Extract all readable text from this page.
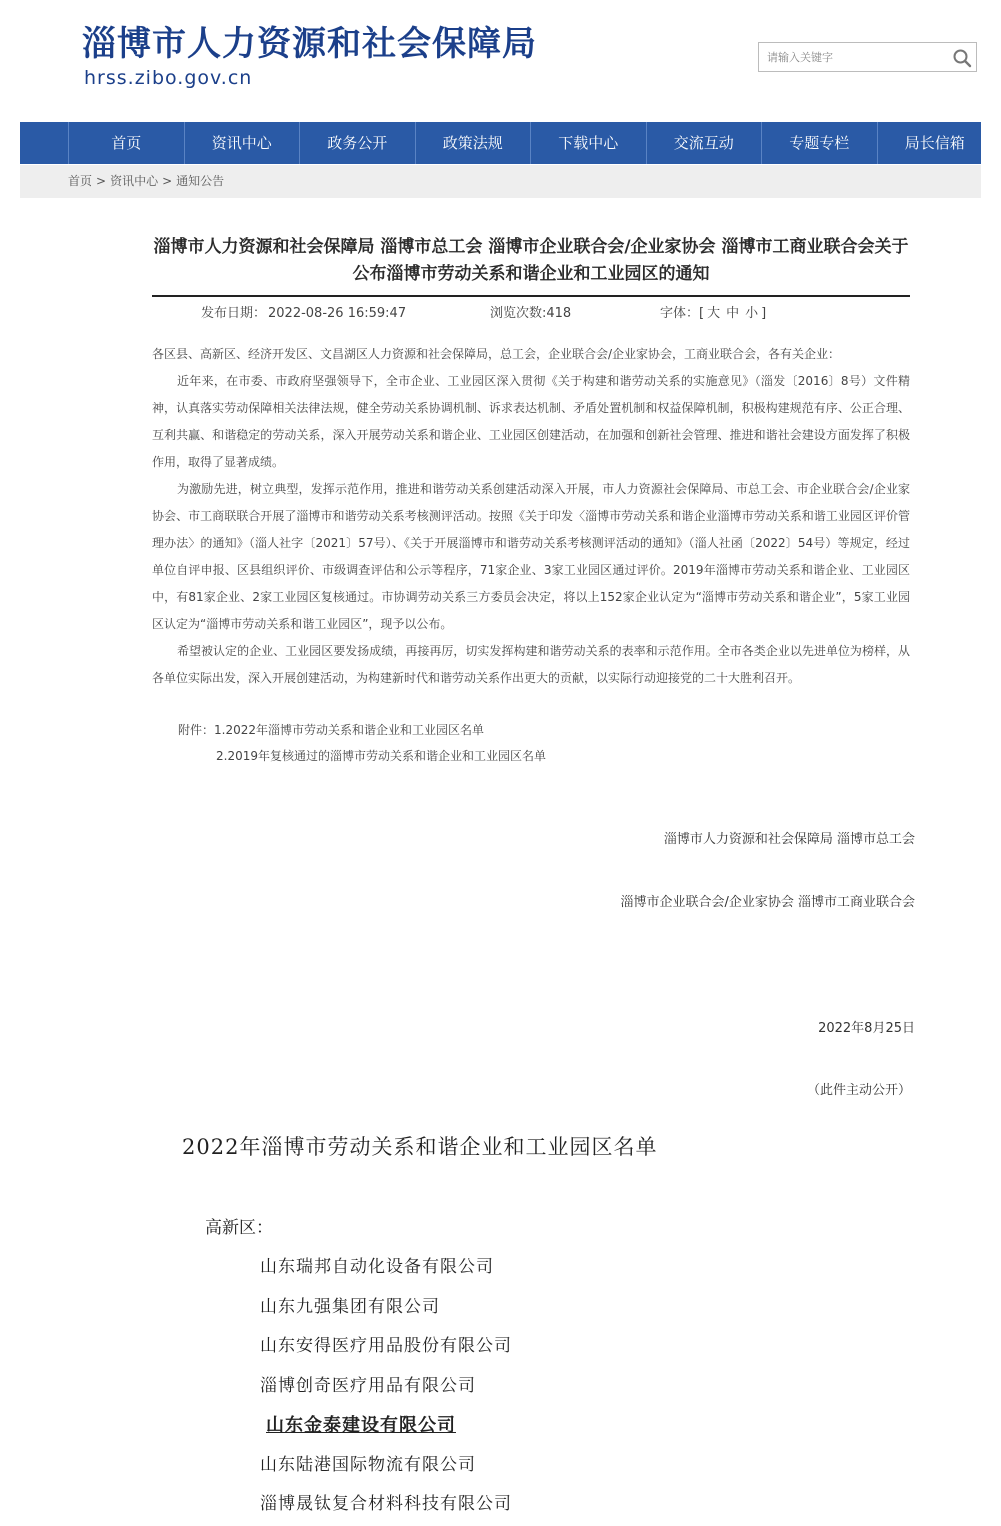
淄博市人力资源和社会保障局
hrss.zibo.gov.cn
请输入关键字
首页	资讯中心	政务公开	政策法规	下载中心	交流互动	专题专栏	局长信箱
首页 > 资讯中心 > 通知公告
淄博市人力资源和社会保障局 淄博市总工会 淄博市企业联合会/企业家协会 淄博市工商业联合会关于公布淄博市劳动关系和谐企业和工业园区的通知
发布日期： 2022-08-26 16:59:47	浏览次数:418	字体：[ 大 中 小 ]

各区县、高新区、经济开发区、文昌湖区人力资源和社会保障局，总工会，企业联合会/企业家协会，工商业联合会，各有关企业：

近年来，在市委、市政府坚强领导下，全市企业、工业园区深入贯彻《关于构建和谐劳动关系的实施意见》（淄发〔2016〕8号）文件精神，认真落实劳动保障相关法律法规，健全劳动关系协调机制、诉求表达机制、矛盾处置机制和权益保障机制，积极构建规范有序、公正合理、互利共赢、和谐稳定的劳动关系，深入开展劳动关系和谐企业、工业园区创建活动，在加强和创新社会管理、推进和谐社会建设方面发挥了积极作用，取得了显著成绩。

为激励先进，树立典型，发挥示范作用，推进和谐劳动关系创建活动深入开展，市人力资源社会保障局、市总工会、市企业联合会/企业家协会、市工商联联合开展了淄博市和谐劳动关系考核测评活动。按照《关于印发〈淄博市劳动关系和谐企业淄博市劳动关系和谐工业园区评价管理办法〉的通知》（淄人社字〔2021〕57号）、《关于开展淄博市和谐劳动关系考核测评活动的通知》（淄人社函〔2022〕54号）等规定，经过单位自评申报、区县组织评价、市级调查评估和公示等程序，71家企业、3家工业园区通过评价。2019年淄博市劳动关系和谐企业、工业园区中，有81家企业、2家工业园区复核通过。市协调劳动关系三方委员会决定，将以上152家企业认定为“淄博市劳动关系和谐企业”，5家工业园区认定为“淄博市劳动关系和谐工业园区”，现予以公布。

希望被认定的企业、工业园区要发扬成绩，再接再厉，切实发挥构建和谐劳动关系的表率和示范作用。全市各类企业以先进单位为榜样，从各单位实际出发，深入开展创建活动，为构建新时代和谐劳动关系作出更大的贡献，以实际行动迎接党的二十大胜利召开。

附件：1.2022年淄博市劳动关系和谐企业和工业园区名单
2.2019年复核通过的淄博市劳动关系和谐企业和工业园区名单
淄博市人力资源和社会保障局 淄博市总工会
淄博市企业联合会/企业家协会 淄博市工商业联合会
2022年8月25日
（此件主动公开）
2022年淄博市劳动关系和谐企业和工业园区名单
高新区：
山东瑞邦自动化设备有限公司
山东九强集团有限公司
山东安得医疗用品股份有限公司
淄博创奇医疗用品有限公司
山东金泰建设有限公司
山东陆港国际物流有限公司
淄博晟钛复合材料科技有限公司
